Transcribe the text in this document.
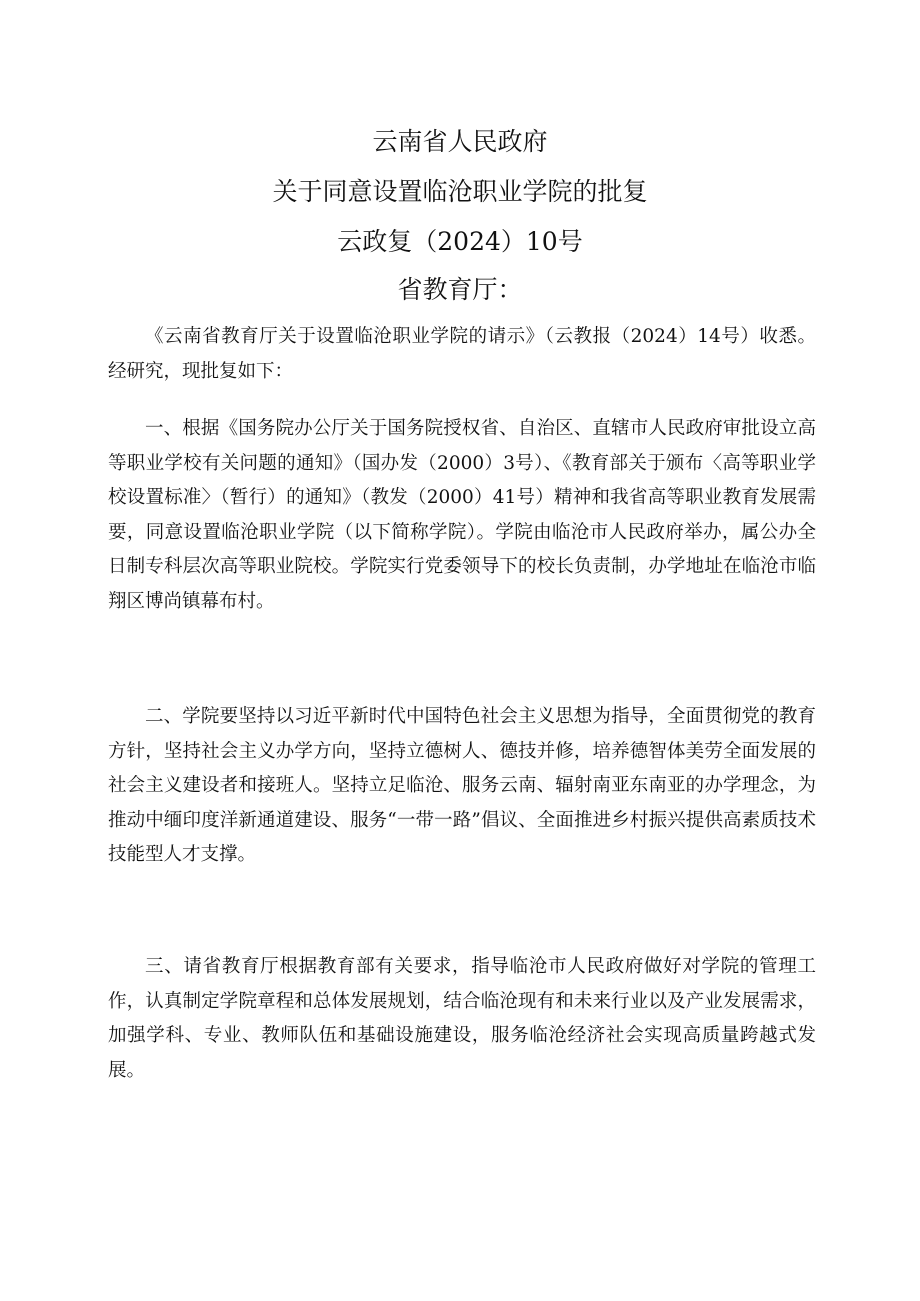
云南省人民政府
关于同意设置临沧职业学院的批复
云政复（2024）10号
省教育厅：

《云南省教育厅关于设置临沧职业学院的请示》（云教报（2024）14号）收悉。经研究，现批复如下：

一、根据《国务院办公厅关于国务院授权省、自治区、直辖市人民政府审批设立高等职业学校有关问题的通知》（国办发（2000）3号）、《教育部关于颁布〈高等职业学校设置标准〉（暂行）的通知》（教发（2000）41号）精神和我省高等职业教育发展需要，同意设置临沧职业学院（以下简称学院）。学院由临沧市人民政府举办，属公办全日制专科层次高等职业院校。学院实行党委领导下的校长负责制，办学地址在临沧市临翔区博尚镇幕布村。

二、学院要坚持以习近平新时代中国特色社会主义思想为指导，全面贯彻党的教育方针，坚持社会主义办学方向，坚持立德树人、德技并修，培养德智体美劳全面发展的社会主义建设者和接班人。坚持立足临沧、服务云南、辐射南亚东南亚的办学理念，为推动中缅印度洋新通道建设、服务“一带一路”倡议、全面推进乡村振兴提供高素质技术技能型人才支撑。

三、请省教育厅根据教育部有关要求，指导临沧市人民政府做好对学院的管理工作，认真制定学院章程和总体发展规划，结合临沧现有和未来行业以及产业发展需求，加强学科、专业、教师队伍和基础设施建设，服务临沧经济社会实现高质量跨越式发展。
